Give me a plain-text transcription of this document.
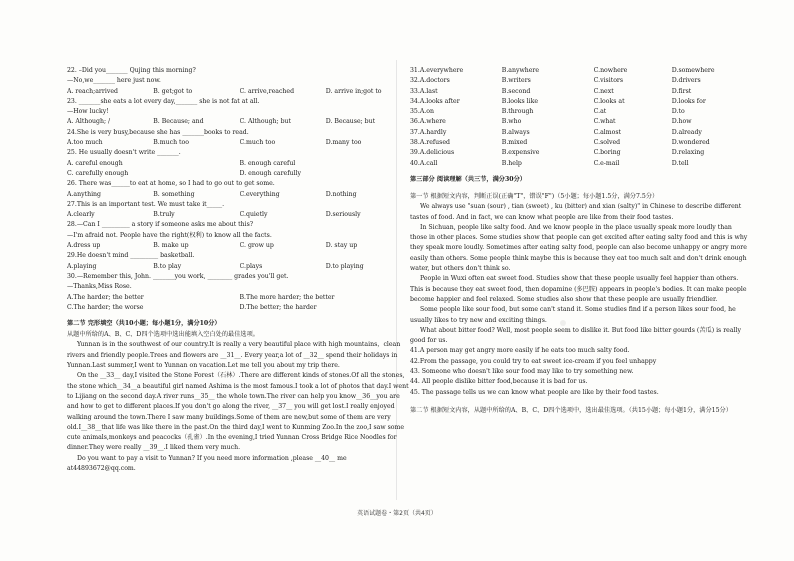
22. –Did you_______ Qujing this morning?
—No,we_______ here just now.
A. reach;arrived	B. get;got to	C. arrive,reached	D. arrive in;got to
23. _______she eats a lot every day,_______ she is not fat at all.
—How lucky!
A. Although; /	B. Because; and	C. Although; but	D. Because; but
24.She is very busy,because she has _______books to read.
A.too much	B.much too	C.much too	D.many too
25. He usually doesn't write _______.
A. careful enough	B. enough careful
C. carefully enough	D. enough carefully
26. There was______to eat at home, so I had to go out to get some.
A.anything	B. something	C.everything	D.nothing
27.This is an important test. We must take it_____.
A.clearly	B.truly	C.quietly	D.seriously
28.—Can I _________ a story if someone asks me about this?
—I'm afraid not. People have the right(权利) to know all the facts.
A.dress up	B. make up	C. grow up	D. stay up
29.He doesn't mind _________ basketball.
A.playing	B.to play	C.plays	D.to playing
30.—Remember this, John. _______you work, ________ grades you'll get.
—Thanks,Miss Rose.
A.The harder; the better	B.The more harder; the better
C.The harder; the worse	D.The better; the harder
第二节 完形填空（共10小题；每小题1分，满分10分）
从题中所给的A、B、C、D四个选项中选出能填入空白处的最佳选项。
Yunnan is in the southwest of our country.It is really a very beautiful place with high mountains，clean rivers and friendly people.Trees and flowers are __31__. Every year,a lot of __32__ spend their holidays in Yunnan.Last summer,I went to Yunnan on vacation.Let me tell you about my trip there.
On the __33__ day,I visited the Stone Forest（石林）.There are different kinds of stones.Of all the stones, the stone which__34__a beautiful girl named Ashima is the most famous.I took a lot of photos that day.I went to Lijiang on the second day.A river runs__35__ the whole town.The river can help you know__36__you are and how to get to different places.If you don't go along the river, __37__ you will get lost.I really enjoyed walking around the town.There I saw many buildings.Some of them are new,but some of them are very old.I__38__that life was like there in the past.On the third day,I went to Kunming Zoo.In the zoo,I saw some cute animals,monkeys and peacocks（孔雀）.In the evening,I tried Yunnan Cross Bridge Rice Noodles for dinner.They were really __39__.I liked them very much.
Do you want to pay a visit to Yunnan? If you need more information ,please __40__ me at44893672@qq.com.
31.A.everywhere	B.anywhere	C.nowhere	D.somewhere
32.A.doctors	B.writers	C.visitors	D.drivers
33.A.last	B.second	C.next	D.first
34.A.looks after	B.looks like	C.looks at	D.looks for
35.A.on	B.through	C.at	D.to
36.A.where	B.who	C.what	D.how
37.A.hardly	B.always	C.almost	D.already
38.A.refused	B.mixed	C.solved	D.wondered
39.A.delicious	B.expensive	C.boring	D.relaxing
40.A.call	B.help	C.e-mail	D.tell
第三部分 阅读理解（共三节，满分30分）
第一节 根据短文内容，判断正误(正确"T"，错误"F")（5小题；每小题1.5分，满分7.5分）
We always use "suan (sour) , tian (sweet) , ku (bitter) and xian (salty)" in Chinese to describe different tastes of food. And in fact, we can know what people are like from their food tastes.
In Sichuan, people like salty food. And we know people in the place usually speak more loudly than those in other places. Some studies show that people can get excited after eating salty food and this is why they speak more loudly. Sometimes after eating salty food, people can also become unhappy or angry more easily than others. Some people think maybe this is because they eat too much salt and don't drink enough water, but others don't think so.
People in Wuxi often eat sweet food. Studies show that these people usually feel happier than others. This is because they eat sweet food, then dopamine (多巴胺) appears in people's bodies. It can make people become happier and feel relaxed. Some studies also show that these people are usually friendlier.
Some people like sour food, but some can't stand it. Some studies find if a person likes sour food, he usually likes to try new and exciting things.
What about bitter food? Well, most people seem to dislike it. But food like bitter gourds (苦瓜) is really good for us.
41.A person may get angry more easily if he eats too much salty food.
42.From the passage, you could try to eat sweet ice-cream if you feel unhappy
43. Someone who doesn't like sour food may like to try something new.
44. All people dislike bitter food,because it is bad for us.
45. The passage tells us we can know what people are like by their food tastes.
第二节 根据短文内容，从题中所给的A、B、C、D四个选项中，选出最佳选项。（共15小题；每小题1分，满分15分）
英语试题卷・第2页（共4页）
